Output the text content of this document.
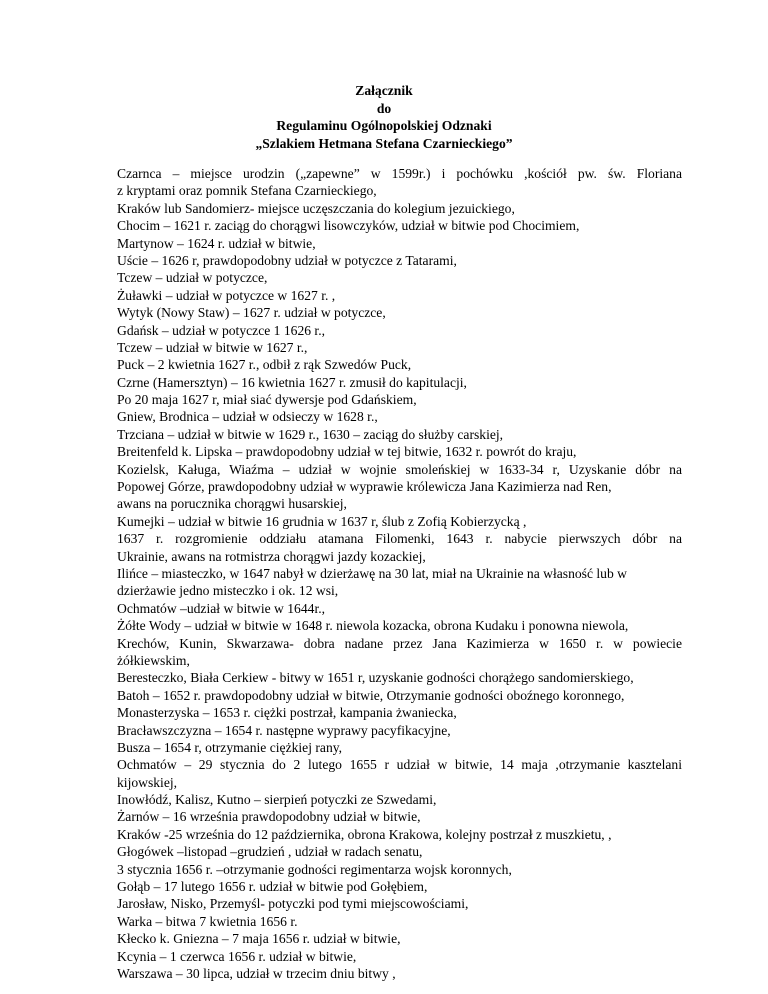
Załącznik
do
Regulaminu Ogólnopolskiej Odznaki
„Szlakiem Hetmana Stefana Czarnieckiego”
Czarnca – miejsce urodzin („zapewne” w 1599r.) i pochówku ,kościół pw. św. Floriana
z kryptami oraz pomnik Stefana Czarnieckiego,
Kraków lub Sandomierz- miejsce uczęszczania do kolegium jezuickiego,
Chocim – 1621 r. zaciąg do chorągwi lisowczyków, udział w bitwie pod Chocimiem,
Martynow – 1624 r. udział w bitwie,
Uście – 1626 r, prawdopodobny udział w potyczce z Tatarami,
Tczew – udział w potyczce,
Żuławki – udział w potyczce w 1627 r. ,
Wytyk (Nowy Staw) – 1627 r. udział w potyczce,
Gdańsk – udział w potyczce 1 1626 r.,
Tczew – udział w bitwie w 1627 r.,
Puck – 2 kwietnia 1627 r., odbił z rąk Szwedów Puck,
Czrne (Hamersztyn) – 16 kwietnia 1627 r. zmusił do kapitulacji,
Po 20 maja 1627 r, miał siać dywersje pod Gdańskiem,
Gniew, Brodnica – udział w odsieczy w 1628 r.,
Trzciana – udział w bitwie w 1629 r., 1630 – zaciąg do służby carskiej,
Breitenfeld k. Lipska – prawdopodobny udział w tej bitwie, 1632 r. powrót do kraju,
Kozielsk, Kaługa, Wiaźma – udział w wojnie smoleńskiej w 1633-34 r, Uzyskanie dóbr na
Popowej Górze, prawdopodobny udział w wyprawie królewicza Jana Kazimierza nad Ren,
awans na porucznika chorągwi husarskiej,
Kumejki – udział w bitwie 16 grudnia w 1637 r, ślub z Zofią Kobierzycką ,
1637 r. rozgromienie oddziału atamana Filomenki, 1643 r. nabycie pierwszych dóbr na
Ukrainie, awans na rotmistrza chorągwi jazdy kozackiej,
Ilińce – miasteczko, w 1647 nabył w dzierżawę na 30 lat, miał na Ukrainie na własność lub w
dzierżawie jedno misteczko i ok. 12 wsi,
Ochmatów –udział w bitwie w 1644r.,
Żółte Wody – udział w bitwie w 1648 r. niewola kozacka, obrona Kudaku i ponowna niewola,
Krechów, Kunin, Skwarzawa- dobra nadane przez Jana Kazimierza w 1650 r. w powiecie
żółkiewskim,
Beresteczko, Biała Cerkiew - bitwy w 1651 r, uzyskanie godności chorążego sandomierskiego,
Batoh – 1652 r. prawdopodobny udział w bitwie, Otrzymanie godności oboźnego koronnego,
Monasterzyska – 1653 r. ciężki postrzał, kampania żwaniecka,
Bracławszczyzna – 1654 r. następne wyprawy pacyfikacyjne,
Busza – 1654 r, otrzymanie ciężkiej rany,
Ochmatów – 29 stycznia do 2 lutego 1655 r udział w bitwie, 14 maja ,otrzymanie kasztelani
kijowskiej,
Inowłódź, Kalisz, Kutno – sierpień potyczki ze Szwedami,
Żarnów – 16 września prawdopodobny udział w bitwie,
Kraków -25 września do 12 października, obrona Krakowa, kolejny postrzał z muszkietu, ,
Głogówek –listopad –grudzień , udział w radach senatu,
3 stycznia 1656 r. –otrzymanie godności regimentarza wojsk koronnych,
Gołąb – 17 lutego 1656 r. udział w bitwie pod Gołębiem,
Jarosław, Nisko, Przemyśl- potyczki pod tymi miejscowościami,
Warka – bitwa 7 kwietnia 1656 r.
Kłecko k. Gniezna – 7 maja 1656 r. udział w bitwie,
Kcynia – 1 czerwca 1656 r. udział w bitwie,
Warszawa – 30 lipca, udział w trzecim dniu bitwy ,
